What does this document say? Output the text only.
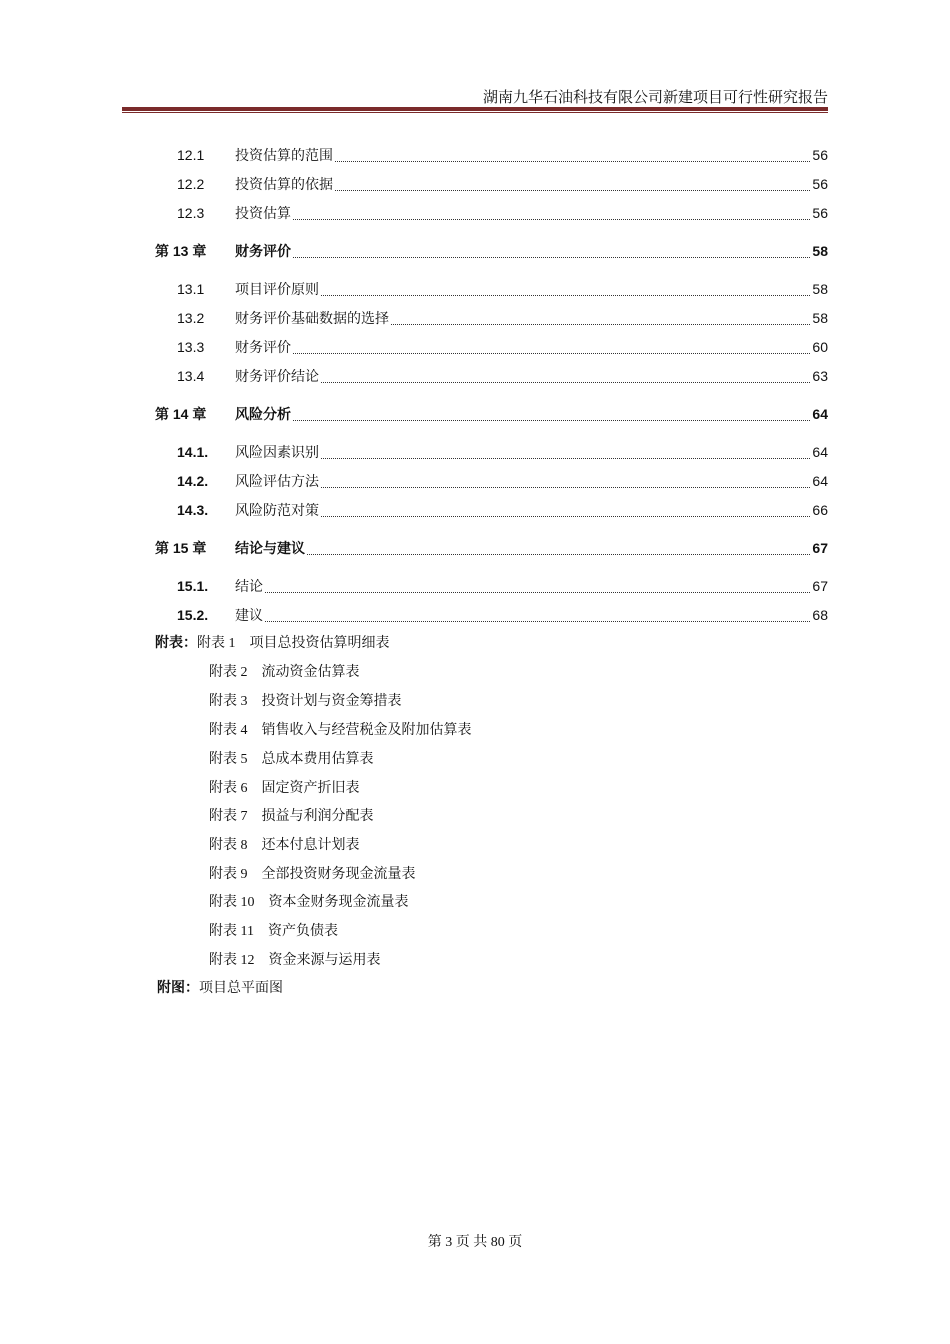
湖南九华石油科技有限公司新建项目可行性研究报告
12.1	投资估算的范围	56
12.2	投资估算的依据	56
12.3	投资估算	56
第 13 章	财务评价	58
13.1	项目评价原则	58
13.2	财务评价基础数据的选择	58
13.3	财务评价	60
13.4	财务评价结论	63
第 14 章	风险分析	64
14.1.	风险因素识别	64
14.2.	风险评估方法	64
14.3.	风险防范对策	66
第 15 章	结论与建议	67
15.1.	结论	67
15.2.	建议	68
附表：附表 1　项目总投资估算明细表
附表 2　流动资金估算表
附表 3　投资计划与资金筹措表
附表 4　销售收入与经营税金及附加估算表
附表 5　总成本费用估算表
附表 6　固定资产折旧表
附表 7　损益与利润分配表
附表 8　还本付息计划表
附表 9　全部投资财务现金流量表
附表 10　资本金财务现金流量表
附表 11　资产负债表
附表 12　资金来源与运用表
附图：项目总平面图
第 3 页 共 80 页
